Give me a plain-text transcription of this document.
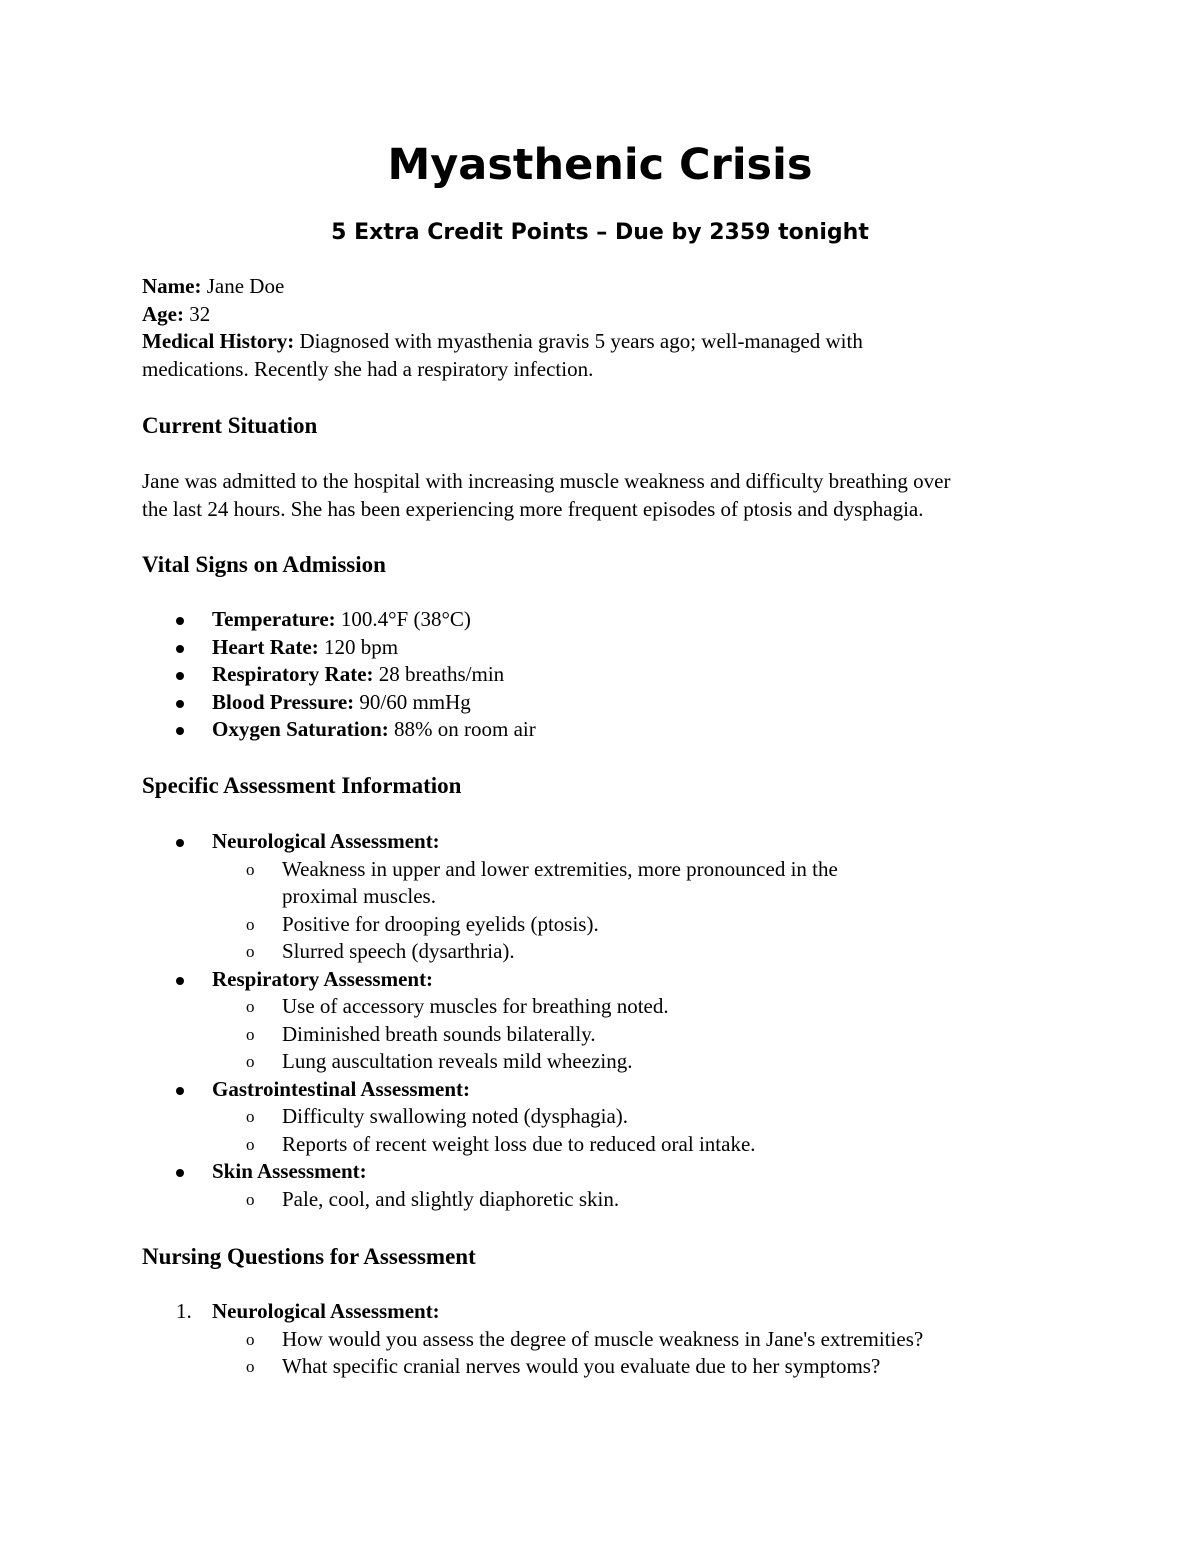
Myasthenic Crisis
5 Extra Credit Points – Due by 2359 tonight
Name: Jane Doe
Age: 32
Medical History: Diagnosed with myasthenia gravis 5 years ago; well-managed with
medications. Recently she had a respiratory infection.
Current Situation
Jane was admitted to the hospital with increasing muscle weakness and difficulty breathing over
the last 24 hours. She has been experiencing more frequent episodes of ptosis and dysphagia.
Vital Signs on Admission
Temperature: 100.4°F (38°C)
Heart Rate: 120 bpm
Respiratory Rate: 28 breaths/min
Blood Pressure: 90/60 mmHg
Oxygen Saturation: 88% on room air
Specific Assessment Information
Neurological Assessment:
o Weakness in upper and lower extremities, more pronounced in the proximal muscles.
o Positive for drooping eyelids (ptosis).
o Slurred speech (dysarthria).
Respiratory Assessment:
o Use of accessory muscles for breathing noted.
o Diminished breath sounds bilaterally.
o Lung auscultation reveals mild wheezing.
Gastrointestinal Assessment:
o Difficulty swallowing noted (dysphagia).
o Reports of recent weight loss due to reduced oral intake.
Skin Assessment:
o Pale, cool, and slightly diaphoretic skin.
Nursing Questions for Assessment
1. Neurological Assessment:
o How would you assess the degree of muscle weakness in Jane's extremities?
o What specific cranial nerves would you evaluate due to her symptoms?
